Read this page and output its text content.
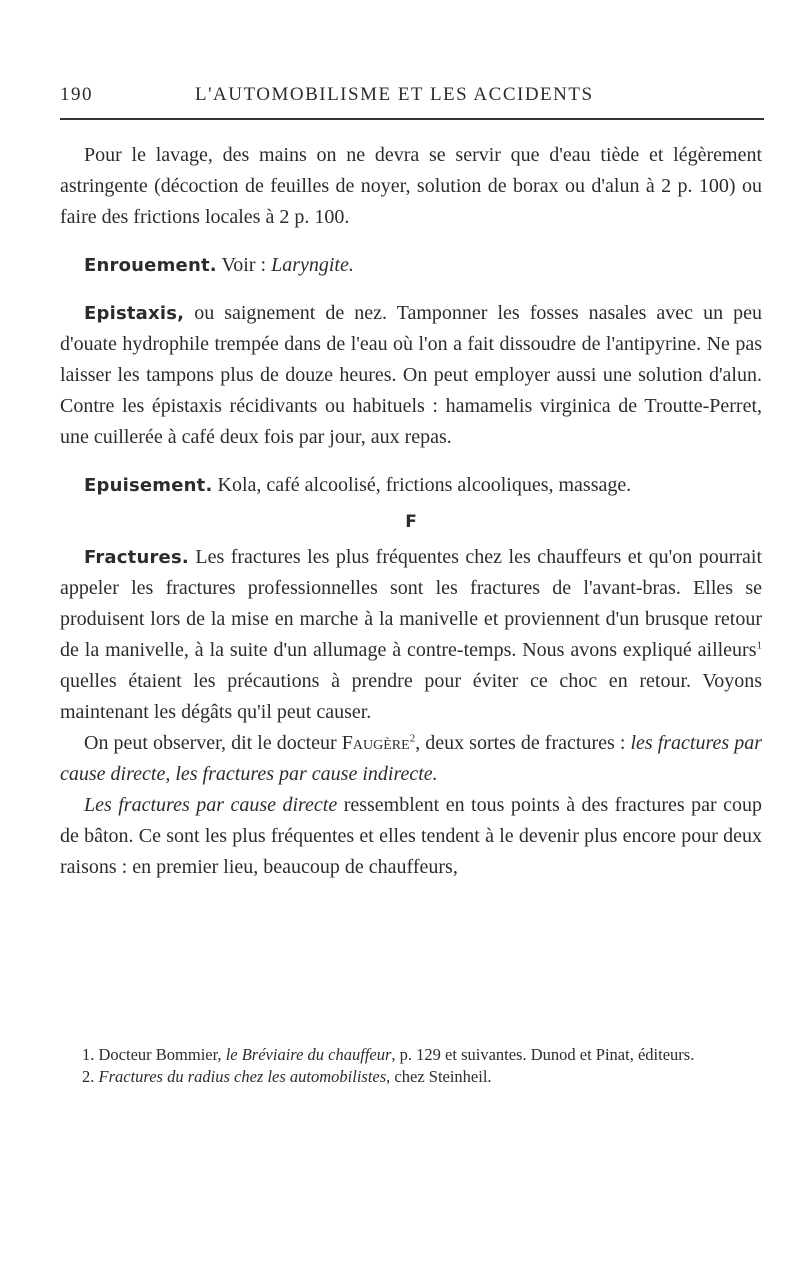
190	L'AUTOMOBILISME ET LES ACCIDENTS

Pour le lavage, des mains on ne devra se servir que d'eau tiède et légèrement astringente (décoction de feuilles de noyer, solution de borax ou d'alun à 2 p. 100) ou faire des frictions locales à 2 p. 100.

Enrouement. Voir : Laryngite.

Epistaxis, ou saignement de nez. Tamponner les fosses nasales avec un peu d'ouate hydrophile trempée dans de l'eau où l'on a fait dissoudre de l'antipyrine. Ne pas laisser les tampons plus de douze heures. On peut employer aussi une solution d'alun. Contre les épistaxis récidivants ou habituels : hamamelis virginica de Troutte-Perret, une cuillerée à café deux fois par jour, aux repas.

Epuisement. Kola, café alcoolisé, frictions alcooliques, massage.

F

Fractures. Les fractures les plus fréquentes chez les chauffeurs et qu'on pourrait appeler les fractures professionnelles sont les fractures de l'avant-bras. Elles se produisent lors de la mise en marche à la manivelle et proviennent d'un brusque retour de la manivelle, à la suite d'un allumage à contre-temps. Nous avons expliqué ailleurs$^1$ quelles étaient les précautions à prendre pour éviter ce choc en retour. Voyons maintenant les dégâts qu'il peut causer.

On peut observer, dit le docteur Faugère$^2$, deux sortes de fractures : les fractures par cause directe, les fractures par cause indirecte.

Les fractures par cause directe ressemblent en tous points à des fractures par coup de bâton. Ce sont les plus fréquentes et elles tendent à le devenir plus encore pour deux raisons : en premier lieu, beaucoup de chauffeurs,

1. Docteur Bommier, le Bréviaire du chauffeur, p. 129 et suivantes. Dunod et Pinat, éditeurs.

2. Fractures du radius chez les automobilistes, chez Steinheil.
